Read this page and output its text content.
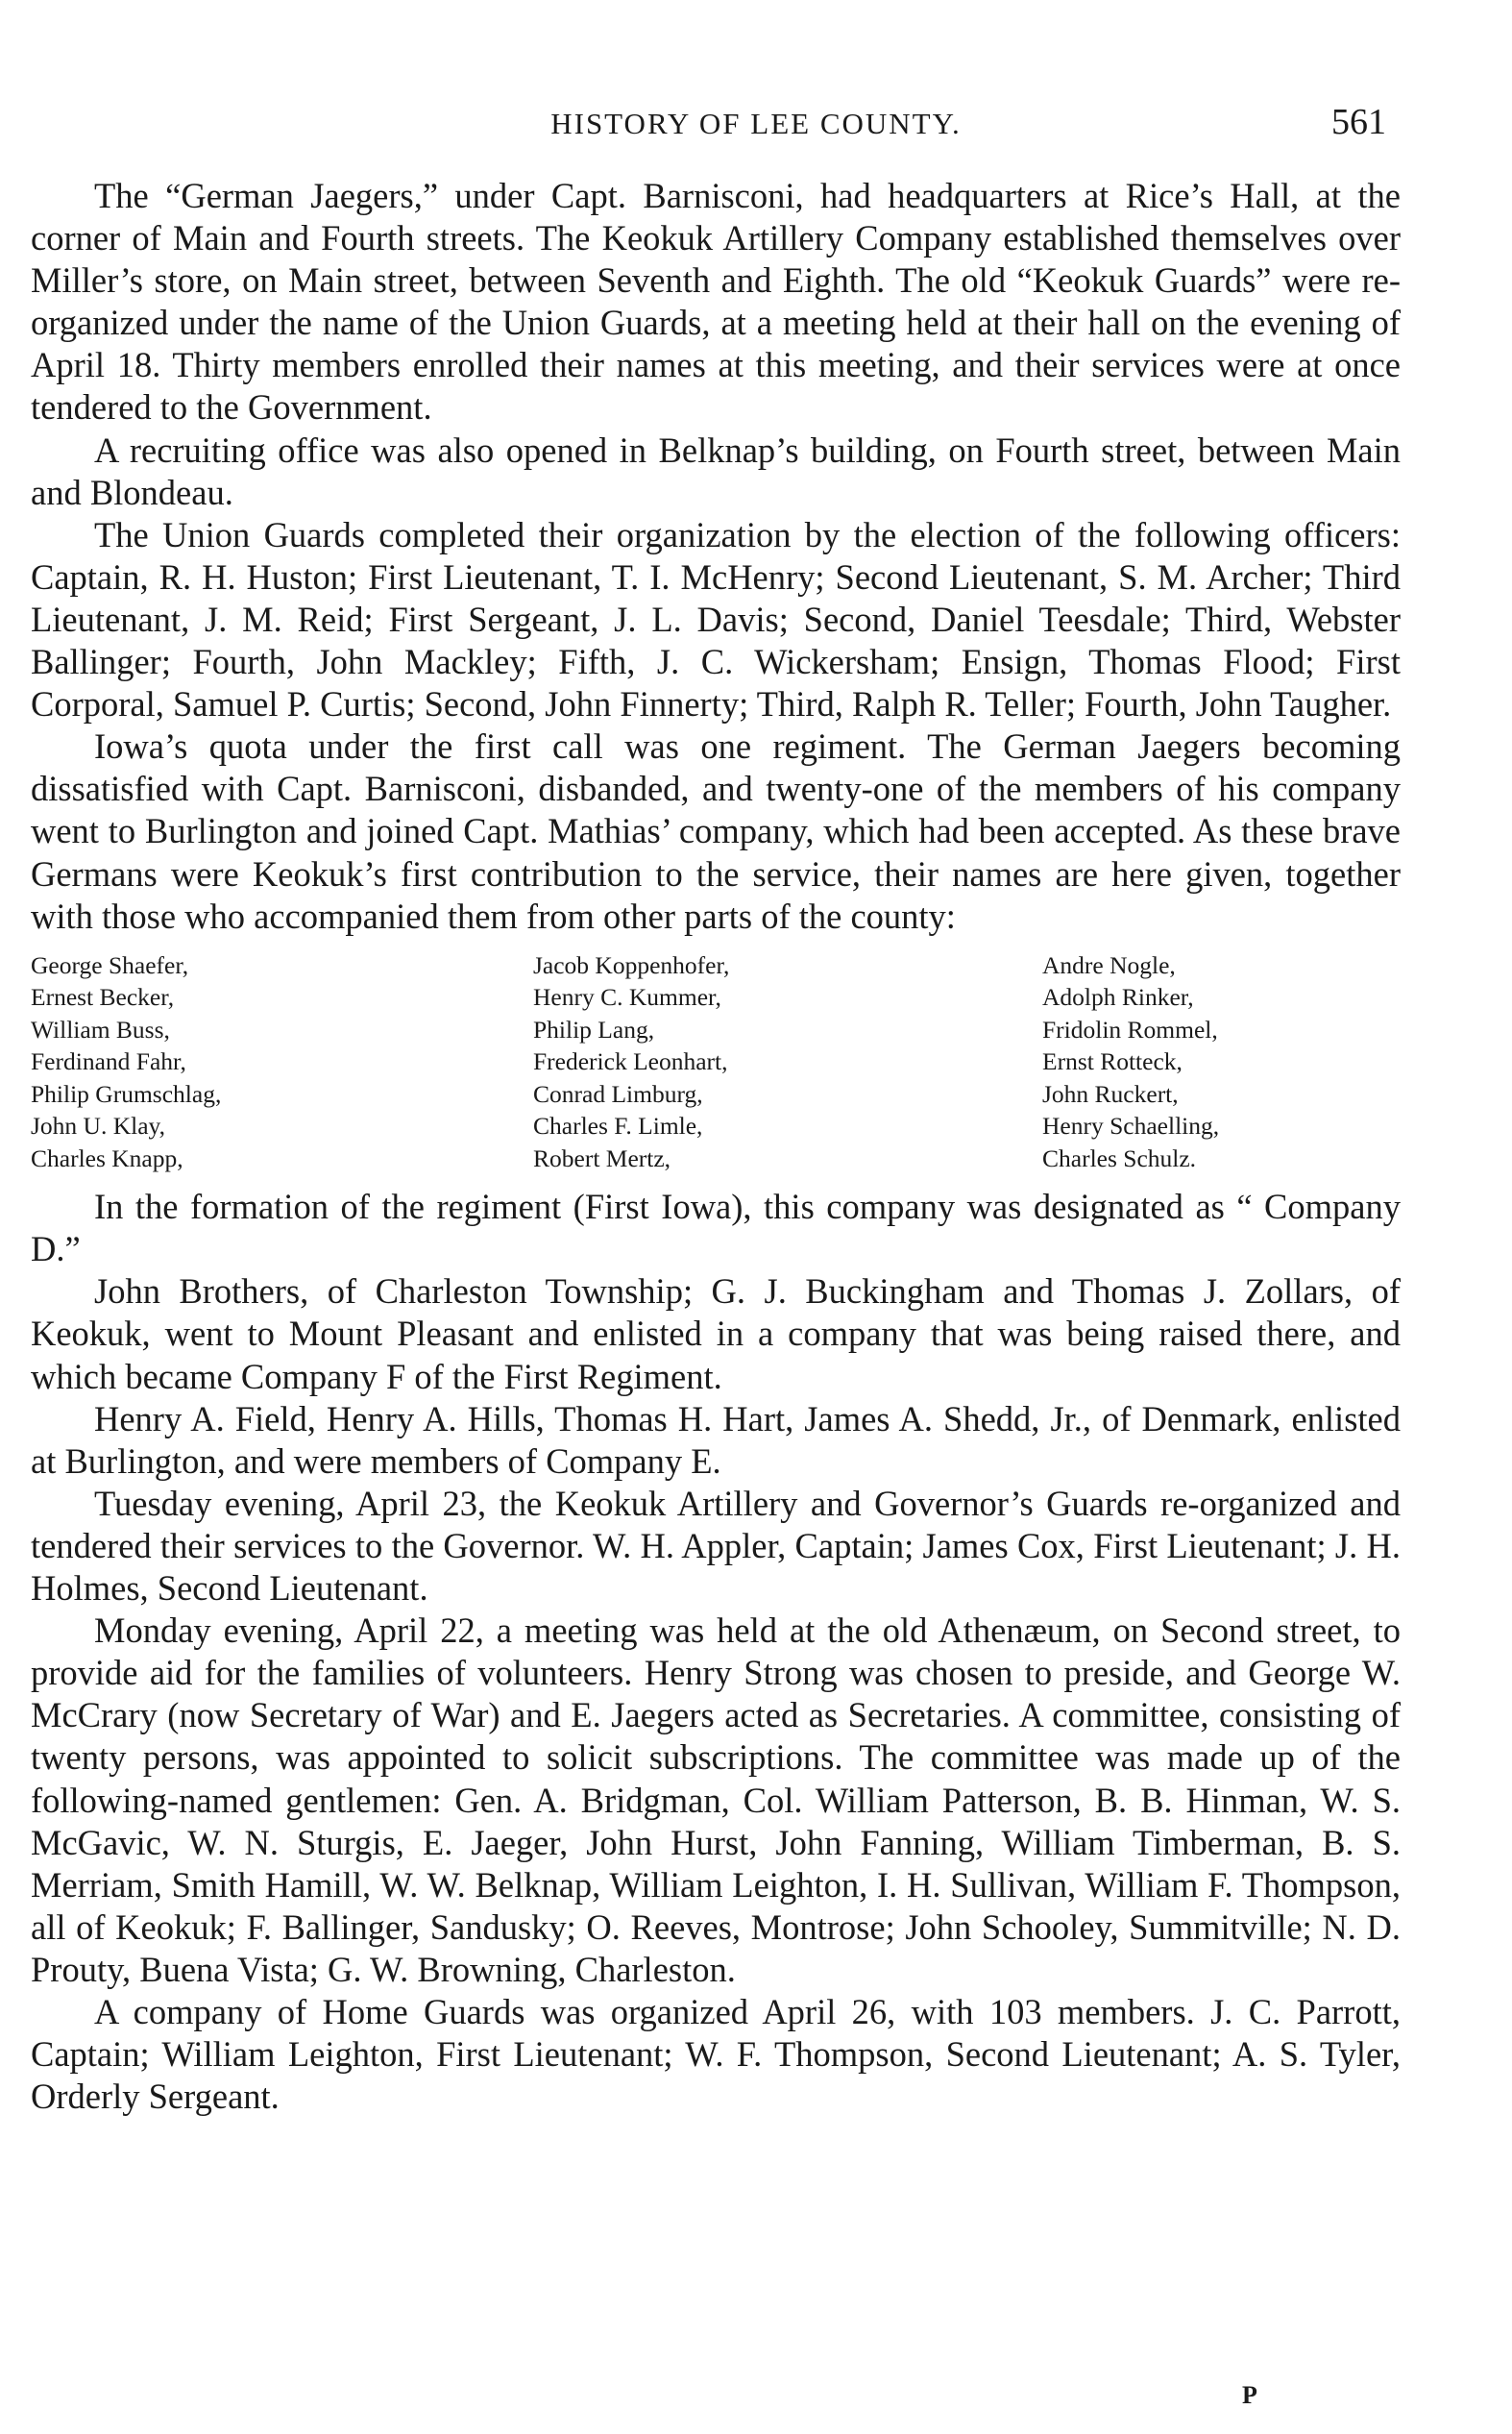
HISTORY OF LEE COUNTY.	561

The “German Jaegers,” under Capt. Barnisconi, had headquarters at Rice’s Hall, at the corner of Main and Fourth streets. The Keokuk Artillery Company established themselves over Miller’s store, on Main street, between Seventh and Eighth. The old “Keokuk Guards” were re-organized under the name of the Union Guards, at a meeting held at their hall on the evening of April 18. Thirty members enrolled their names at this meeting, and their services were at once tendered to the Government.

A recruiting office was also opened in Belknap’s building, on Fourth street, between Main and Blondeau.

The Union Guards completed their organization by the election of the following officers: Captain, R. H. Huston; First Lieutenant, T. I. McHenry; Second Lieutenant, S. M. Archer; Third Lieutenant, J. M. Reid; First Sergeant, J. L. Davis; Second, Daniel Teesdale; Third, Webster Ballinger; Fourth, John Mackley; Fifth, J. C. Wickersham; Ensign, Thomas Flood; First Corporal, Samuel P. Curtis; Second, John Finnerty; Third, Ralph R. Teller; Fourth, John Taugher.

Iowa’s quota under the first call was one regiment. The German Jaegers becoming dissatisfied with Capt. Barnisconi, disbanded, and twenty-one of the members of his company went to Burlington and joined Capt. Mathias’ company, which had been accepted. As these brave Germans were Keokuk’s first contribution to the service, their names are here given, together with those who accompanied them from other parts of the county:

George Shaefer,	Jacob Koppenhofer,	Andre Nogle,
Ernest Becker,	Henry C. Kummer,	Adolph Rinker,
William Buss,	Philip Lang,	Fridolin Rommel,
Ferdinand Fahr,	Frederick Leonhart,	Ernst Rotteck,
Philip Grumschlag,	Conrad Limburg,	John Ruckert,
John U. Klay,	Charles F. Limle,	Henry Schaelling,
Charles Knapp,	Robert Mertz,	Charles Schulz.

In the formation of the regiment (First Iowa), this company was designated as “ Company D.”

John Brothers, of Charleston Township; G. J. Buckingham and Thomas J. Zollars, of Keokuk, went to Mount Pleasant and enlisted in a company that was being raised there, and which became Company F of the First Regiment.

Henry A. Field, Henry A. Hills, Thomas H. Hart, James A. Shedd, Jr., of Denmark, enlisted at Burlington, and were members of Company E.

Tuesday evening, April 23, the Keokuk Artillery and Governor’s Guards re-organized and tendered their services to the Governor. W. H. Appler, Captain; James Cox, First Lieutenant; J. H. Holmes, Second Lieutenant.

Monday evening, April 22, a meeting was held at the old Athenæum, on Second street, to provide aid for the families of volunteers. Henry Strong was chosen to preside, and George W. McCrary (now Secretary of War) and E. Jaegers acted as Secretaries. A committee, consisting of twenty persons, was appointed to solicit subscriptions. The committee was made up of the following-named gentlemen: Gen. A. Bridgman, Col. William Patterson, B. B. Hinman, W. S. McGavic, W. N. Sturgis, E. Jaeger, John Hurst, John Fanning, William Timberman, B. S. Merriam, Smith Hamill, W. W. Belknap, William Leighton, I. H. Sullivan, William F. Thompson, all of Keokuk; F. Ballinger, Sandusky; O. Reeves, Montrose; John Schooley, Summitville; N. D. Prouty, Buena Vista; G. W. Browning, Charleston.

A company of Home Guards was organized April 26, with 103 members. J. C. Parrott, Captain; William Leighton, First Lieutenant; W. F. Thompson, Second Lieutenant; A. S. Tyler, Orderly Sergeant.

P
